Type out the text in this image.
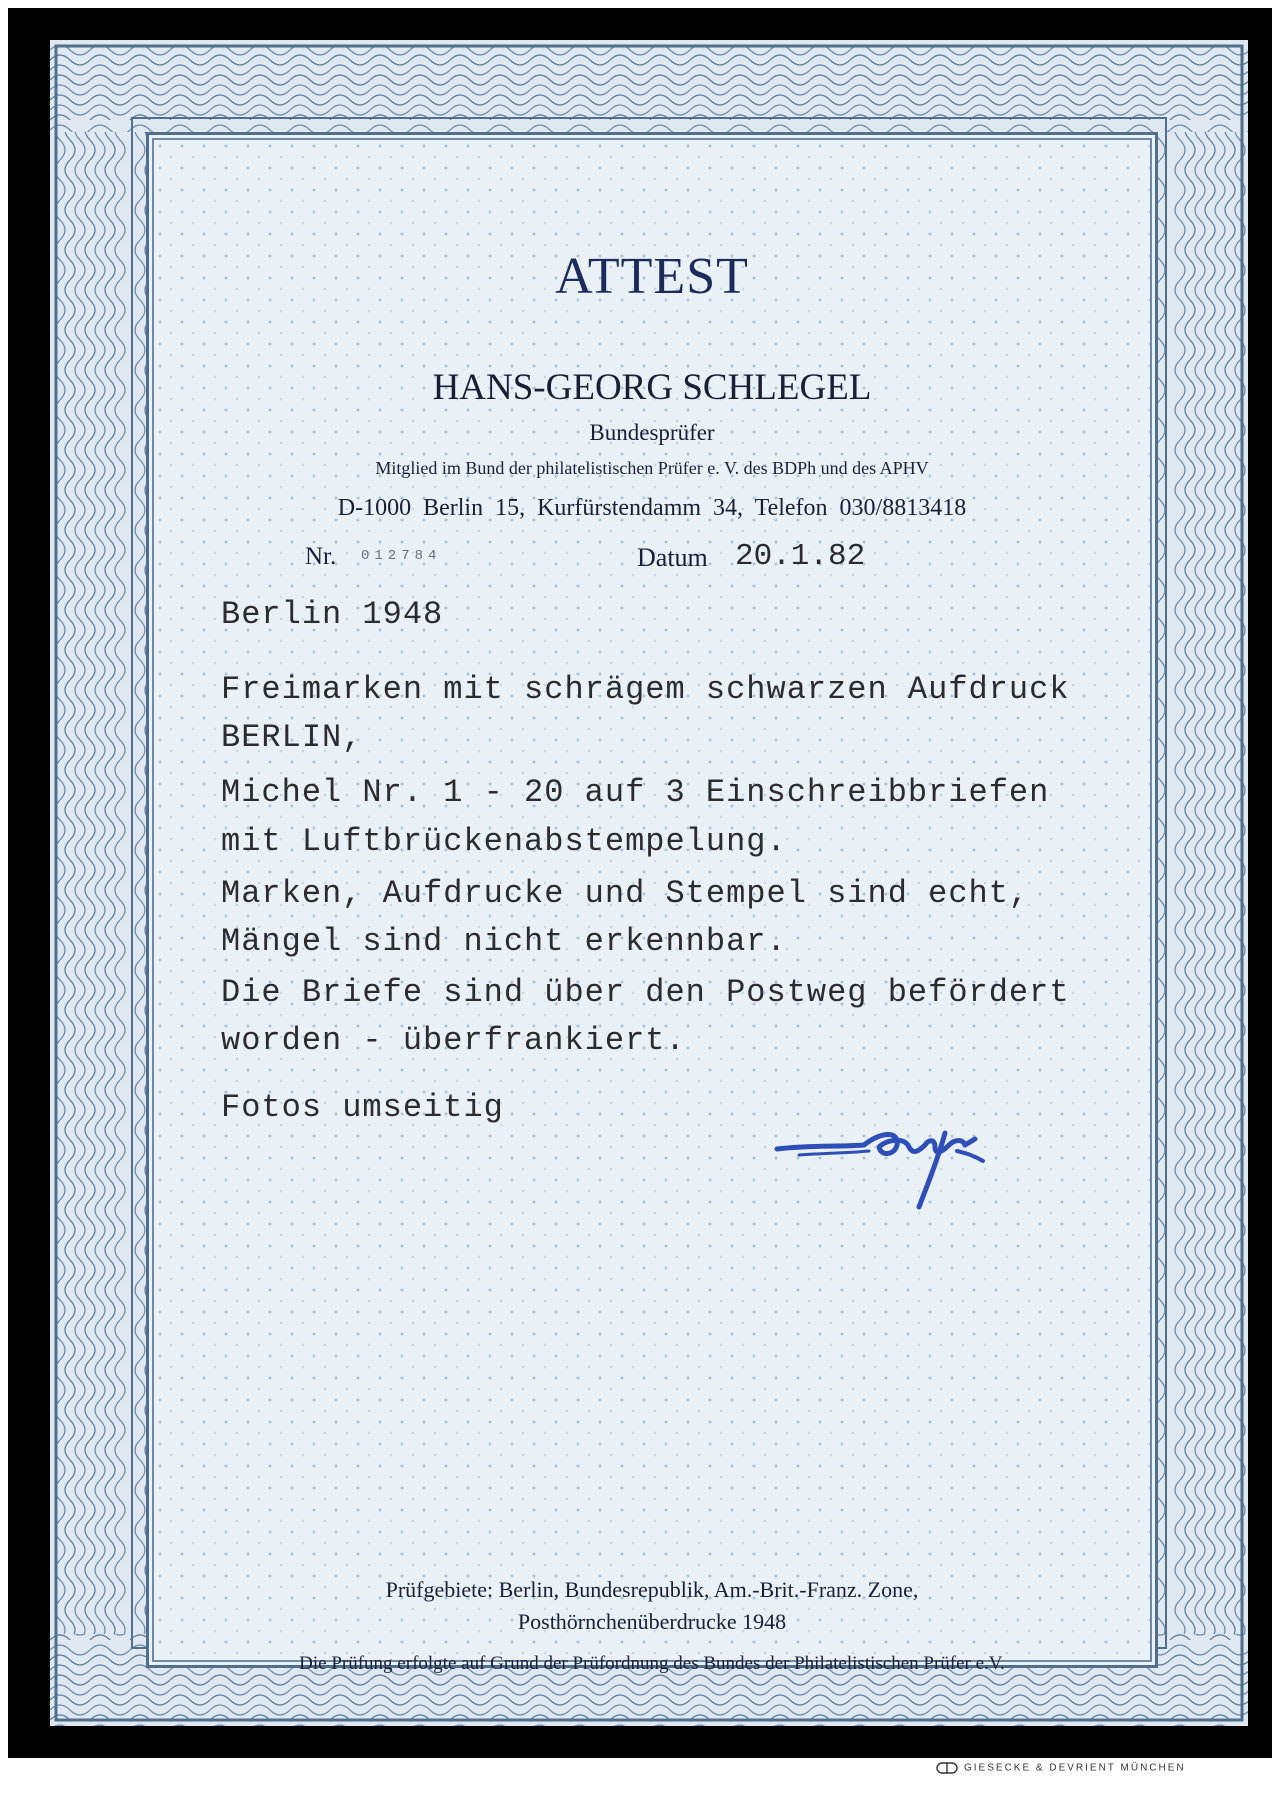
ATTEST
HANS-GEORG SCHLEGEL
Bundesprüfer
Mitglied im Bund der philatelistischen Prüfer e. V. des BDPh und des APHV
D-1000  Berlin  15,  Kurfürstendamm  34,  Telefon  030/8813418
Nr. 012784	Datum 20.1.82
Berlin 1948
Freimarken mit schrägem schwarzen Aufdruck
BERLIN,
Michel Nr. 1 - 20 auf 3 Einschreibbriefen
mit Luftbrückenabstempelung.
Marken, Aufdrucke und Stempel sind echt,
Mängel sind nicht erkennbar.
Die Briefe sind über den Postweg befördert
worden - überfrankiert.
Fotos umseitig
Prüfgebiete: Berlin, Bundesrepublik, Am.-Brit.-Franz. Zone,
Posthörnchenüberdrucke 1948
Die Prüfung erfolgte auf Grund der Prüfordnung des Bundes der Philatelistischen Prüfer e.V.
GIESECKE & DEVRIENT MÜNCHEN
